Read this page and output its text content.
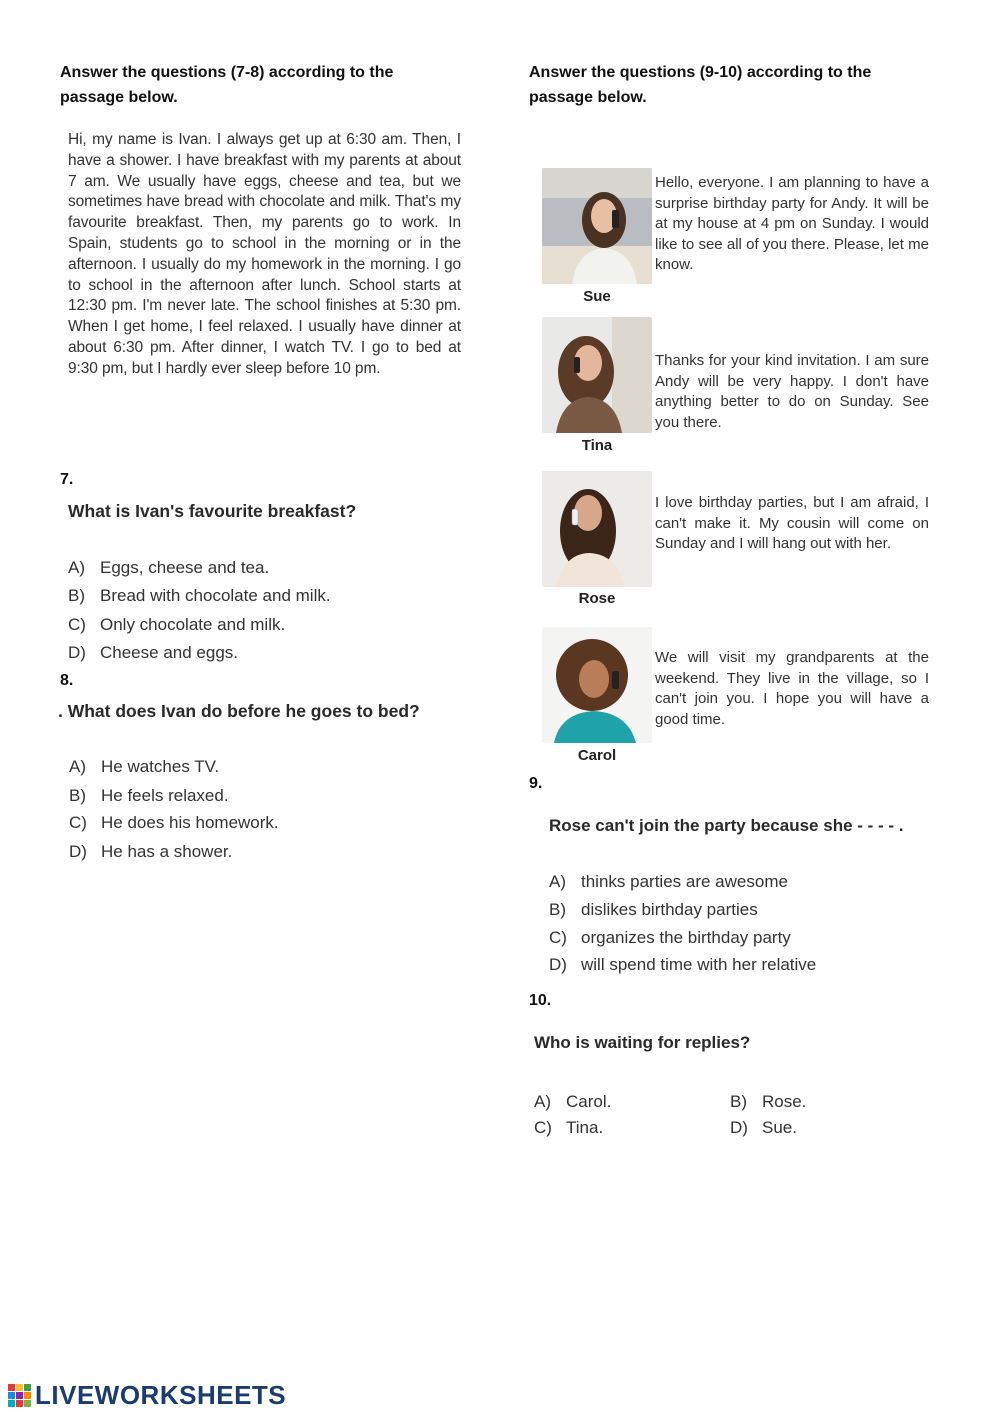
Answer the questions (7-8) according to the
passage below.
Hi, my name is Ivan. I always get up at 6:30 am. Then, I have a shower. I have breakfast with my parents at about 7 am. We usually have eggs, cheese and tea, but we sometimes have bread with chocolate and milk. That's my favourite breakfast. Then, my parents go to work. In Spain, students go to school in the morning or in the afternoon. I usually do my homework in the morning. I go to school in the afternoon after lunch. School starts at 12:30 pm. I'm never late. The school finishes at 5:30 pm. When I get home, I feel relaxed. I usually have dinner at about 6:30 pm. After dinner, I watch TV. I go to bed at 9:30 pm, but I hardly ever sleep before 10 pm.
7.
What is Ivan's favourite breakfast?
A) Eggs, cheese and tea.
B) Bread with chocolate and milk.
C) Only chocolate and milk.
D) Cheese and eggs.
8.
. What does Ivan do before he goes to bed?
A) He watches TV.
B) He feels relaxed.
C) He does his homework.
D) He has a shower.
Answer the questions (9-10) according to the
passage below.
Sue
Hello, everyone. I am planning to have a surprise birthday party for Andy. It will be at my house at 4 pm on Sunday. I would like to see all of you there. Please, let me know.
Tina
Thanks for your kind invitation. I am sure Andy will be very happy. I don't have anything better to do on Sunday. See you there.
Rose
I love birthday parties, but I am afraid, I can't make it. My cousin will come on Sunday and I will hang out with her.
Carol
We will visit my grandparents at the weekend. They live in the village, so I can't join you. I hope you will have a good time.
9.
Rose can't join the party because she - - - - .
A) thinks parties are awesome
B) dislikes birthday parties
C) organizes the birthday party
D) will spend time with her relative
10.
Who is waiting for replies?
A) Carol.	B) Rose.
C) Tina.	D) Sue.
LIVEWORKSHEETS
